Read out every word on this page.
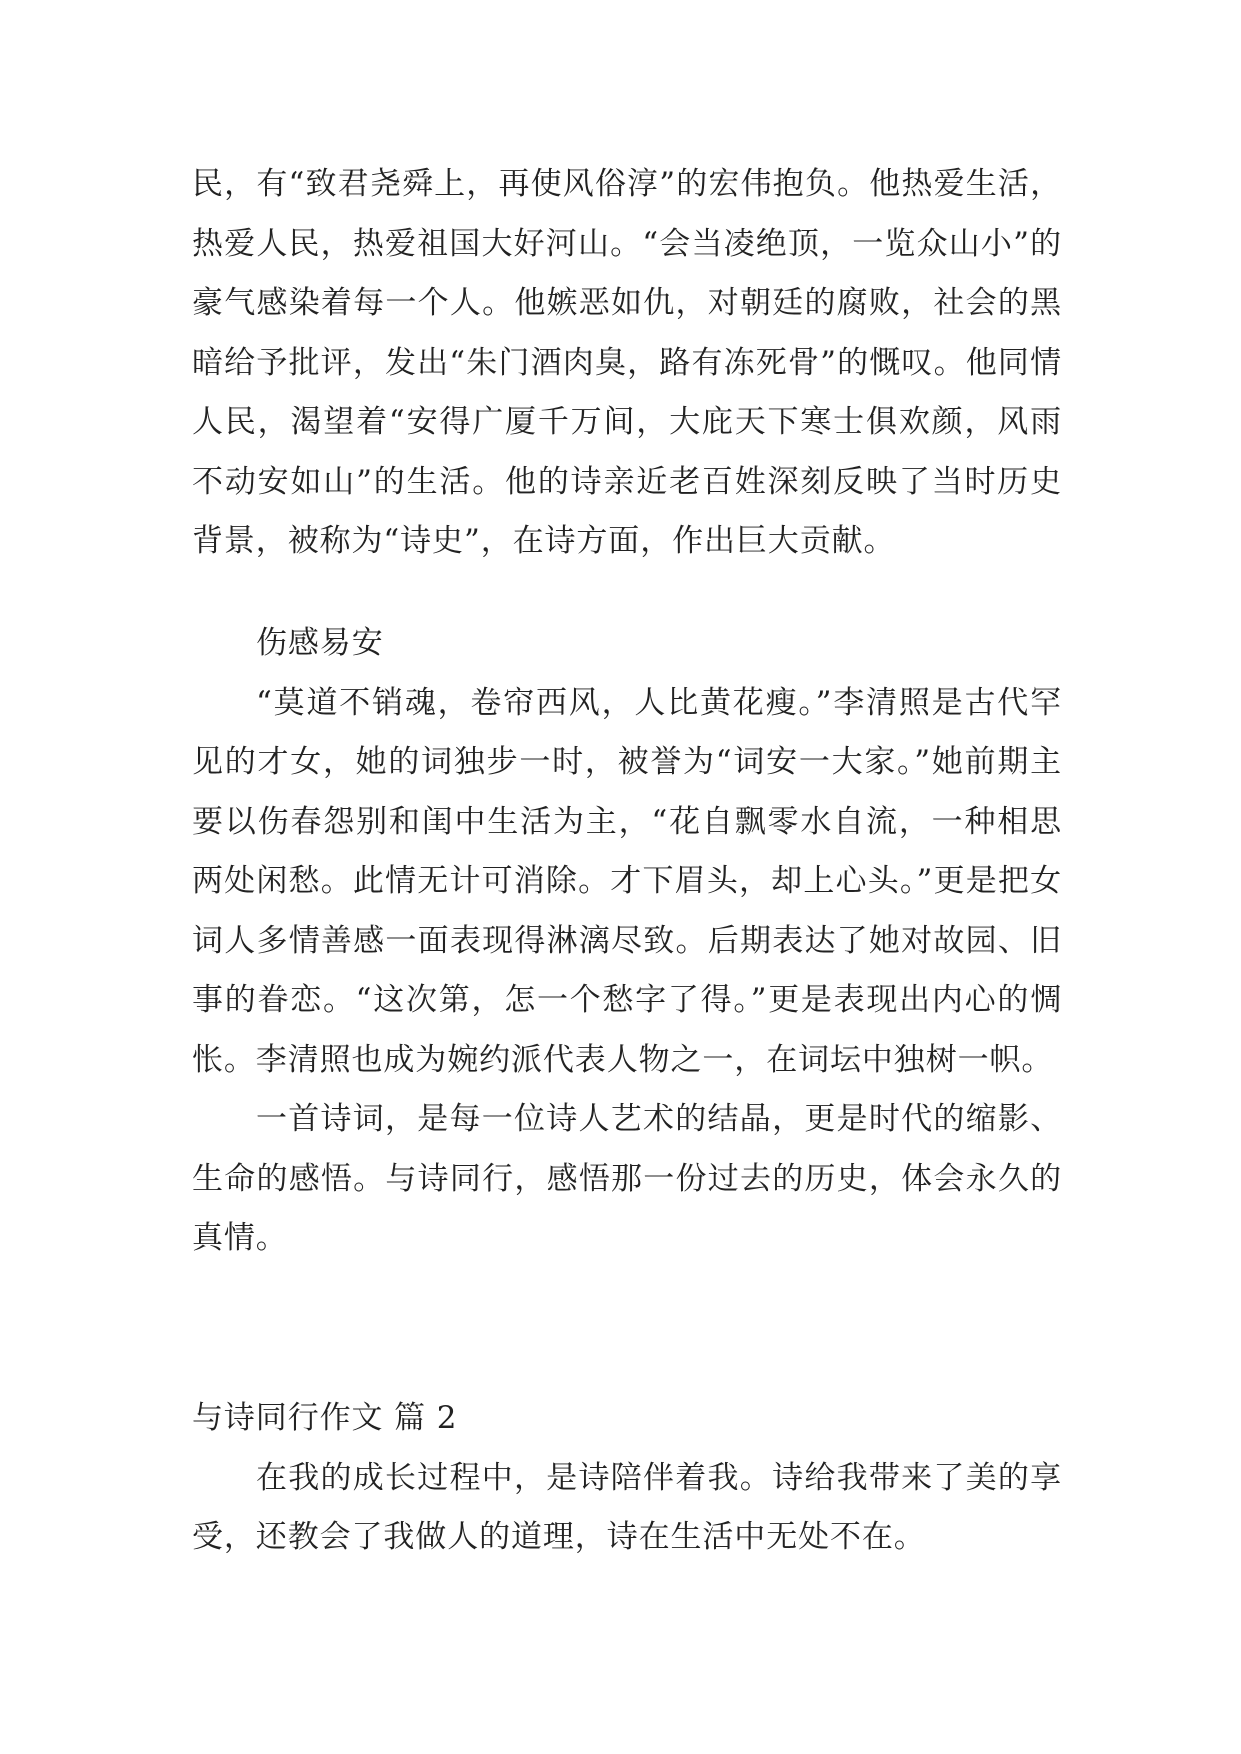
民，有“致君尧舜上，再使风俗淳”的宏伟抱负。他热爱生活，热爱人民，热爱祖国大好河山。“会当凌绝顶，一览众山小”的豪气感染着每一个人。他嫉恶如仇，对朝廷的腐败，社会的黑暗给予批评，发出“朱门酒肉臭，路有冻死骨”的慨叹。他同情人民，渴望着“安得广厦千万间，大庇天下寒士俱欢颜，风雨不动安如山”的生活。他的诗亲近老百姓深刻反映了当时历史背景，被称为“诗史”，在诗方面，作出巨大贡献。

伤感易安

“莫道不销魂，卷帘西风，人比黄花瘦。”李清照是古代罕见的才女，她的词独步一时，被誉为“词安一大家。”她前期主要以伤春怨别和闺中生活为主，“花自飘零水自流，一种相思两处闲愁。此情无计可消除。才下眉头，却上心头。”更是把女词人多情善感一面表现得淋漓尽致。后期表达了她对故园、旧事的眷恋。“这次第，怎一个愁字了得。”更是表现出内心的惆怅。李清照也成为婉约派代表人物之一，在词坛中独树一帜。

一首诗词，是每一位诗人艺术的结晶，更是时代的缩影、生命的感悟。与诗同行，感悟那一份过去的历史，体会永久的真情。

与诗同行作文 篇 2

在我的成长过程中，是诗陪伴着我。诗给我带来了美的享受，还教会了我做人的道理，诗在生活中无处不在。
